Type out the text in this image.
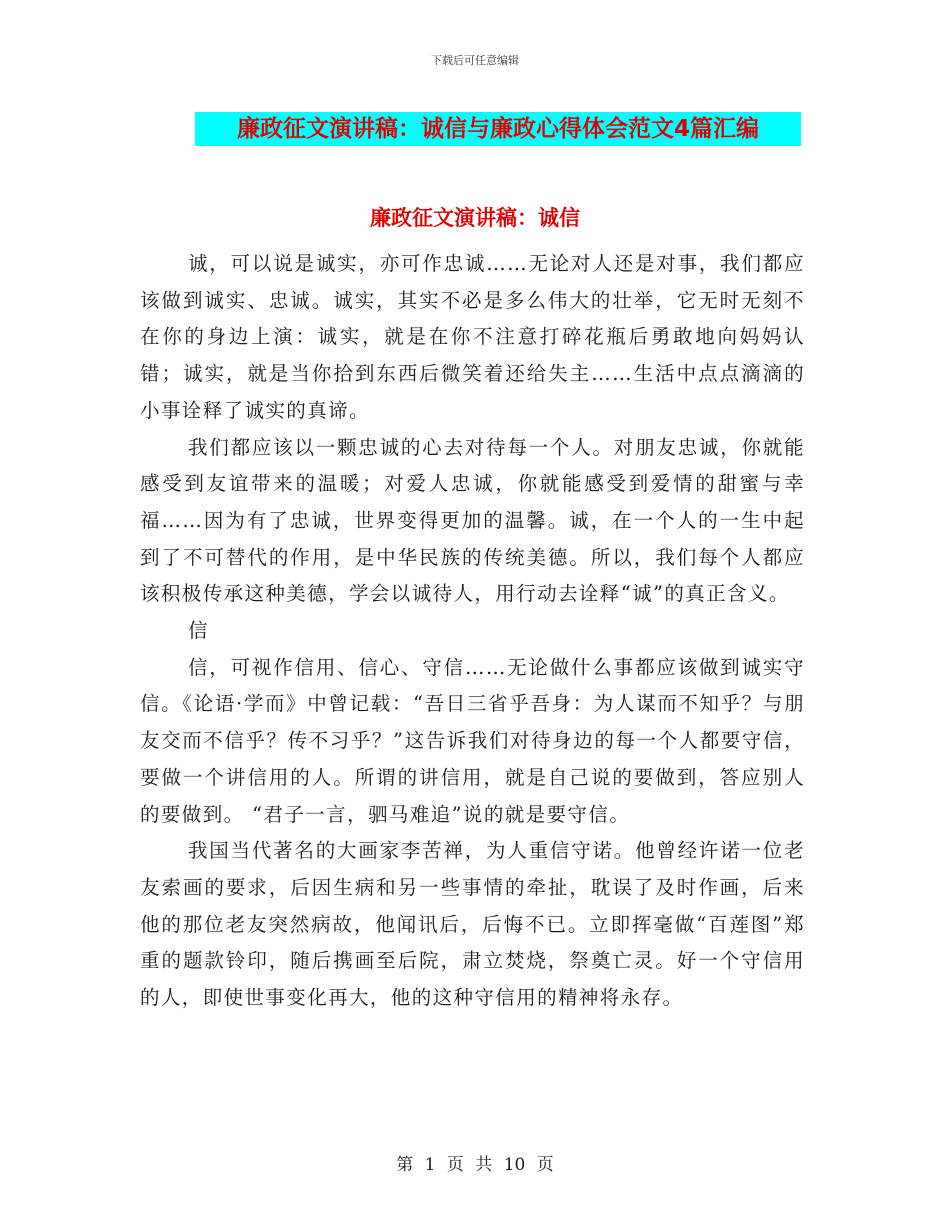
下载后可任意编辑
廉政征文演讲稿：诚信与廉政心得体会范文4篇汇编
廉政征文演讲稿：诚信

诚，可以说是诚实，亦可作忠诚……无论对人还是对事，我们都应该做到诚实、忠诚。诚实，其实不必是多么伟大的壮举，它无时无刻不在你的身边上演：诚实，就是在你不注意打碎花瓶后勇敢地向妈妈认错；诚实，就是当你拾到东西后微笑着还给失主……生活中点点滴滴的小事诠释了诚实的真谛。

我们都应该以一颗忠诚的心去对待每一个人。对朋友忠诚，你就能感受到友谊带来的温暖；对爱人忠诚，你就能感受到爱情的甜蜜与幸福……因为有了忠诚，世界变得更加的温馨。诚，在一个人的一生中起到了不可替代的作用，是中华民族的传统美德。所以，我们每个人都应该积极传承这种美德，学会以诚待人，用行动去诠释“诚”的真正含义。

信

信，可视作信用、信心、守信……无论做什么事都应该做到诚实守信。《论语·学而》中曾记载：“吾日三省乎吾身：为人谋而不知乎？与朋友交而不信乎？传不习乎？”这告诉我们对待身边的每一个人都要守信，要做一个讲信用的人。所谓的讲信用，就是自己说的要做到，答应别人的要做到。 “君子一言，驷马难追”说的就是要守信。

我国当代著名的大画家李苦禅，为人重信守诺。他曾经许诺一位老友索画的要求，后因生病和另一些事情的牵扯，耽误了及时作画，后来他的那位老友突然病故，他闻讯后，后悔不已。立即挥毫做“百莲图”郑重的题款铃印，随后携画至后院，肃立焚烧，祭奠亡灵。好一个守信用的人，即使世事变化再大，他的这种守信用的精神将永存。

第 1 页 共 10 页
